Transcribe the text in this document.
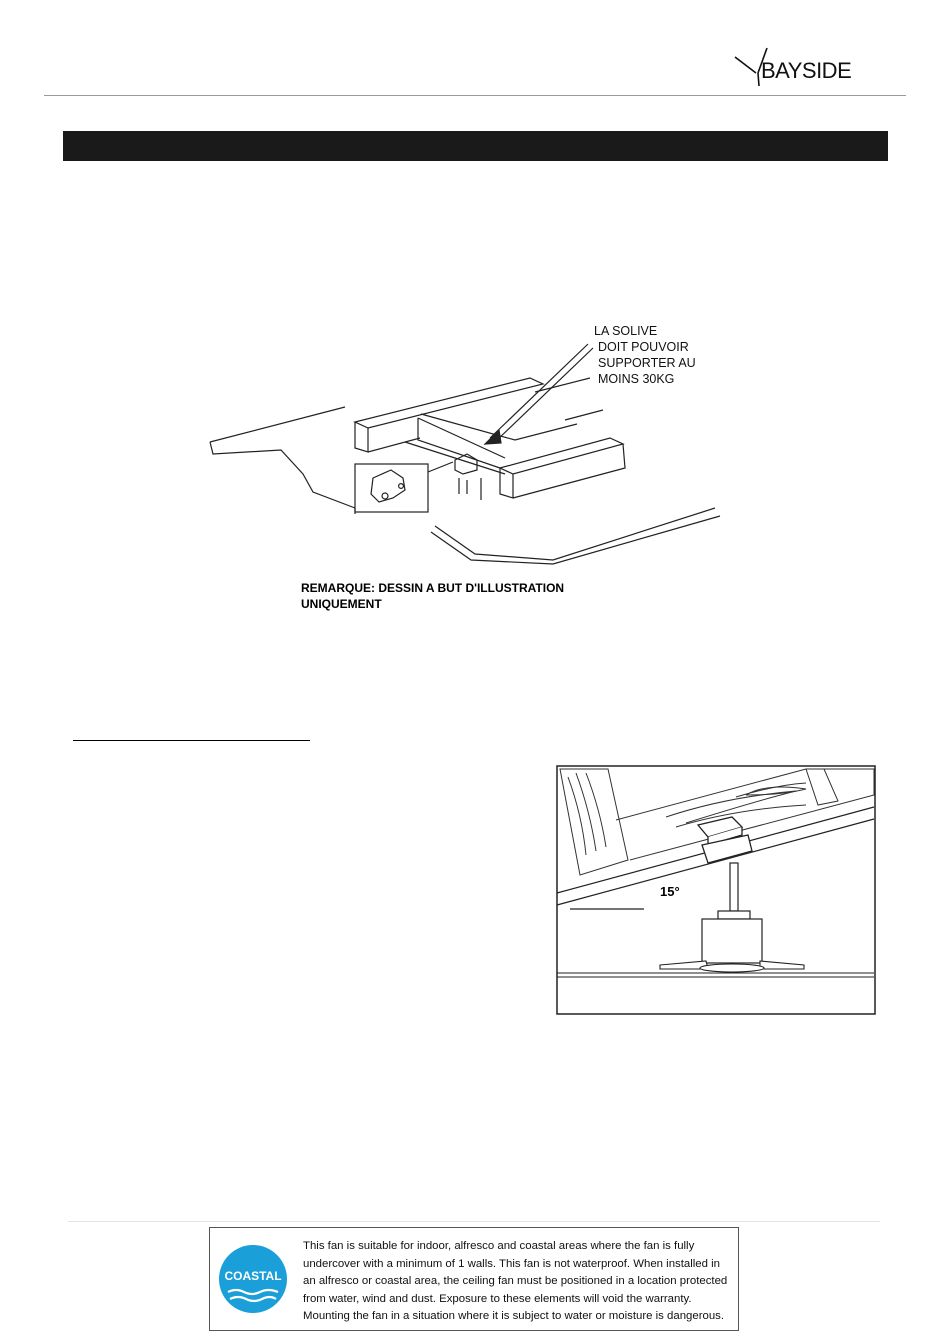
BAYSIDE
LA SOLIVE
DOIT POUVOIR
SUPPORTER AU
MOINS 30KG
REMARQUE: DESSIN A BUT D'ILLUSTRATION
UNIQUEMENT
15°
COASTAL
This fan is suitable for indoor, alfresco and coastal areas where the fan is fully
undercover with a minimum of 1 walls. This fan is not waterproof. When installed in
an alfresco or coastal area, the ceiling fan must be positioned in a location protected
from water, wind and dust. Exposure to these elements will void the warranty.
Mounting the fan in a situation where it is subject to water or moisture is dangerous.
